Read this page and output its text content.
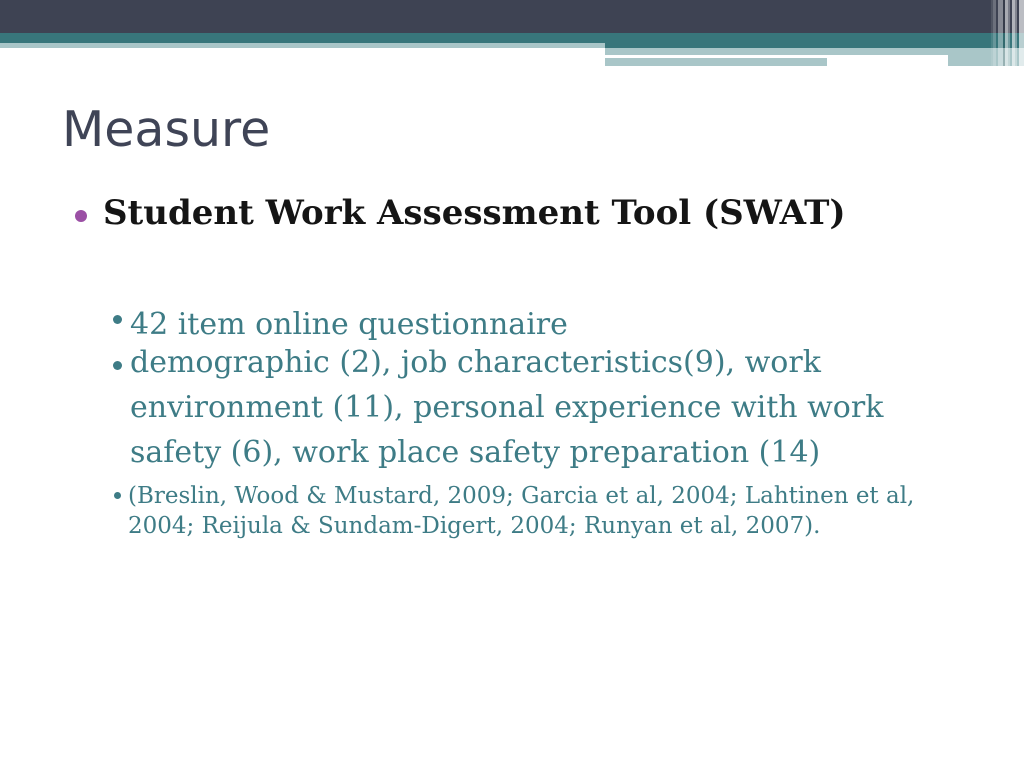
Measure
Student Work Assessment Tool (SWAT)
42 item online questionnaire
demographic (2), job characteristics(9), work
environment (11), personal experience with work
safety (6), work place safety preparation (14)
(Breslin, Wood & Mustard, 2009; Garcia et al, 2004; Lahtinen et al,
2004; Reijula & Sundam-Digert, 2004; Runyan et al, 2007).
